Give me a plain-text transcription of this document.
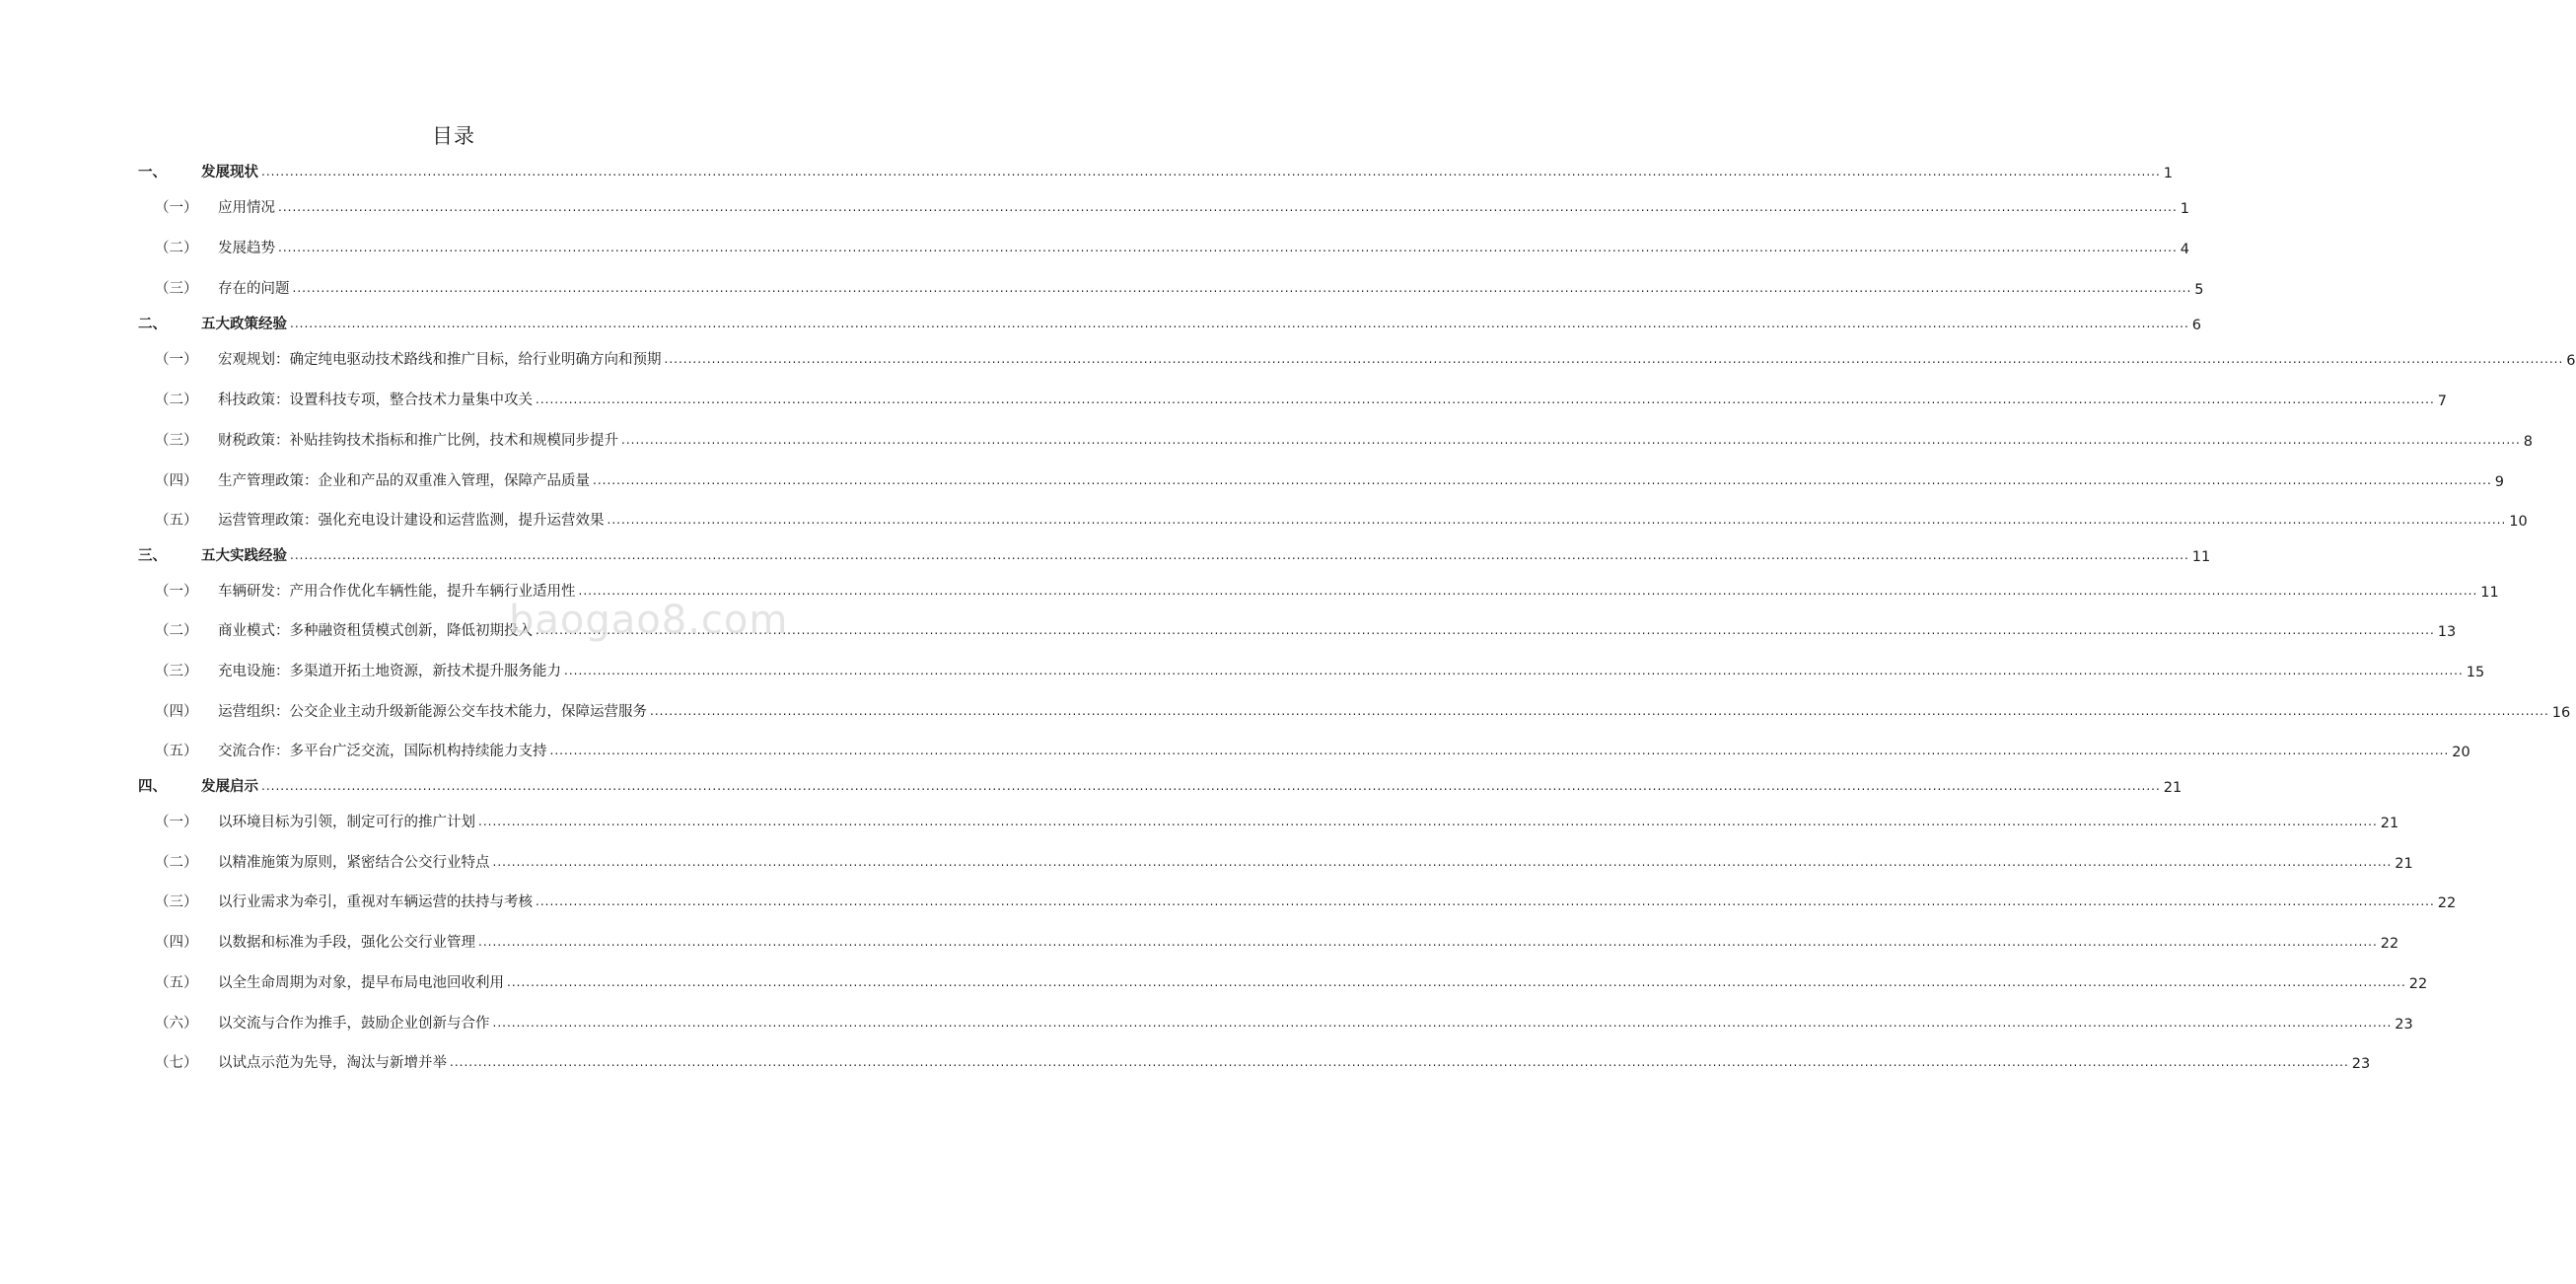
目录
一、 发展现状 ................................................................................................................................................................................................................................................................................................................................................................................................................ 1
（一） 应用情况 ................................................................................................................................................................................................................................................................................................................................................................................................................ 1
（二） 发展趋势 ................................................................................................................................................................................................................................................................................................................................................................................................................ 4
（三） 存在的问题 ................................................................................................................................................................................................................................................................................................................................................................................................................ 5
二、 五大政策经验 ................................................................................................................................................................................................................................................................................................................................................................................................................ 6
（一） 宏观规划：确定纯电驱动技术路线和推广目标，给行业明确方向和预期 ................................................................................................................................................................................................................................................................................................................................................................................................................ 6
（二） 科技政策：设置科技专项，整合技术力量集中攻关 ................................................................................................................................................................................................................................................................................................................................................................................................................ 7
（三） 财税政策：补贴挂钩技术指标和推广比例，技术和规模同步提升 ................................................................................................................................................................................................................................................................................................................................................................................................................ 8
（四） 生产管理政策：企业和产品的双重准入管理，保障产品质量 ................................................................................................................................................................................................................................................................................................................................................................................................................ 9
（五） 运营管理政策：强化充电设计建设和运营监测，提升运营效果 ................................................................................................................................................................................................................................................................................................................................................................................................................ 10
三、 五大实践经验 ................................................................................................................................................................................................................................................................................................................................................................................................................ 11
（一） 车辆研发：产用合作优化车辆性能，提升车辆行业适用性 ................................................................................................................................................................................................................................................................................................................................................................................................................ 11
（二） 商业模式：多种融资租赁模式创新，降低初期投入 ................................................................................................................................................................................................................................................................................................................................................................................................................ 13
（三） 充电设施：多渠道开拓土地资源，新技术提升服务能力 ................................................................................................................................................................................................................................................................................................................................................................................................................ 15
（四） 运营组织：公交企业主动升级新能源公交车技术能力，保障运营服务 ................................................................................................................................................................................................................................................................................................................................................................................................................ 16
（五） 交流合作：多平台广泛交流，国际机构持续能力支持 ................................................................................................................................................................................................................................................................................................................................................................................................................ 20
四、 发展启示 ................................................................................................................................................................................................................................................................................................................................................................................................................ 21
（一） 以环境目标为引领，制定可行的推广计划 ................................................................................................................................................................................................................................................................................................................................................................................................................ 21
（二） 以精准施策为原则，紧密结合公交行业特点 ................................................................................................................................................................................................................................................................................................................................................................................................................ 21
（三） 以行业需求为牵引，重视对车辆运营的扶持与考核 ................................................................................................................................................................................................................................................................................................................................................................................................................ 22
（四） 以数据和标准为手段，强化公交行业管理 ................................................................................................................................................................................................................................................................................................................................................................................................................ 22
（五） 以全生命周期为对象，提早布局电池回收利用 ................................................................................................................................................................................................................................................................................................................................................................................................................ 22
（六） 以交流与合作为推手，鼓励企业创新与合作 ................................................................................................................................................................................................................................................................................................................................................................................................................ 23
（七） 以试点示范为先导，淘汰与新增并举 ................................................................................................................................................................................................................................................................................................................................................................................................................ 23
baogao8.com
